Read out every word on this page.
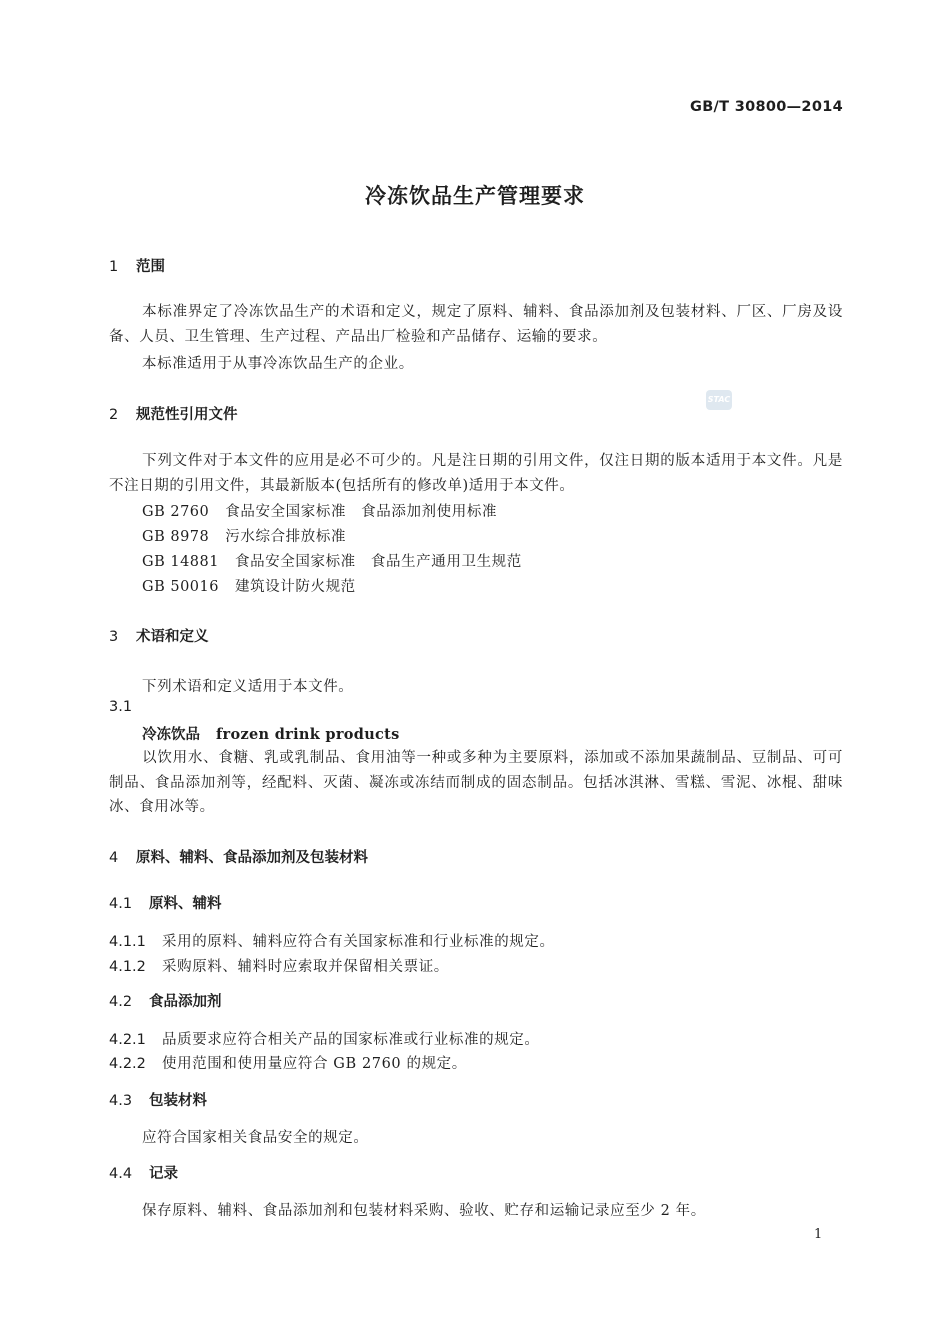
GB/T 30800—2014
冷冻饮品生产管理要求
1 范围
本标准界定了冷冻饮品生产的术语和定义，规定了原料、辅料、食品添加剂及包装材料、厂区、厂房及设备、人员、卫生管理、生产过程、产品出厂检验和产品储存、运输的要求。
本标准适用于从事冷冻饮品生产的企业。
STAC
2 规范性引用文件
下列文件对于本文件的应用是必不可少的。凡是注日期的引用文件，仅注日期的版本适用于本文件。凡是不注日期的引用文件，其最新版本(包括所有的修改单)适用于本文件。
GB 2760 食品安全国家标准　食品添加剂使用标准
GB 8978 污水综合排放标准
GB 14881 食品安全国家标准　食品生产通用卫生规范
GB 50016 建筑设计防火规范
3 术语和定义
下列术语和定义适用于本文件。
3.1
冷冻饮品 frozen drink products
以饮用水、食糖、乳或乳制品、食用油等一种或多种为主要原料，添加或不添加果蔬制品、豆制品、可可制品、食品添加剂等，经配料、灭菌、凝冻或冻结而制成的固态制品。包括冰淇淋、雪糕、雪泥、冰棍、甜味冰、食用冰等。
4 原料、辅料、食品添加剂及包装材料
4.1 原料、辅料
4.1.1 采用的原料、辅料应符合有关国家标准和行业标准的规定。
4.1.2 采购原料、辅料时应索取并保留相关票证。
4.2 食品添加剂
4.2.1 品质要求应符合相关产品的国家标准或行业标准的规定。
4.2.2 使用范围和使用量应符合 GB 2760 的规定。
4.3 包装材料
应符合国家相关食品安全的规定。
4.4 记录
保存原料、辅料、食品添加剂和包装材料采购、验收、贮存和运输记录应至少 2 年。
1
